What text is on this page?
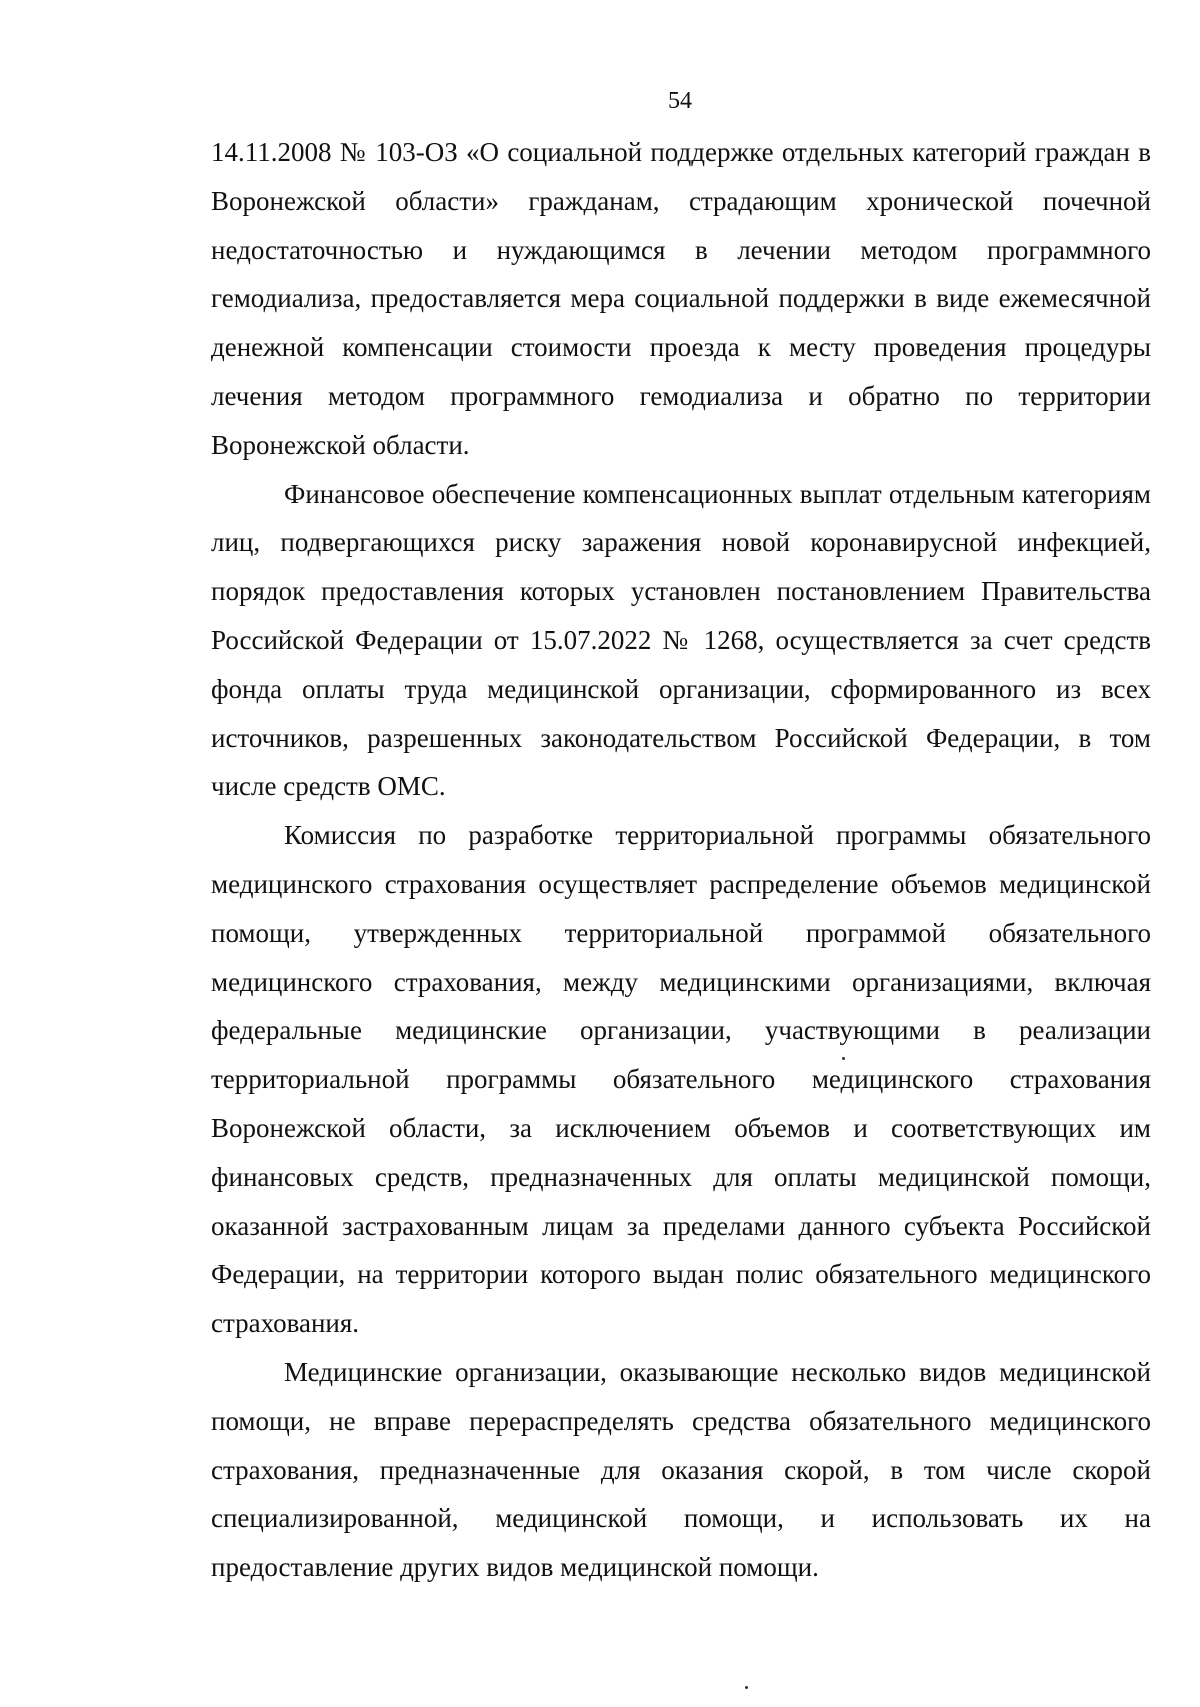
54

14.11.2008 № 103-ОЗ «О социальной поддержке отдельных категорий граждан в Воронежской области» гражданам, страдающим хронической почечной недостаточностью и нуждающимся в лечении методом программного гемодиализа, предоставляется мера социальной поддержки в виде ежемесячной денежной компенсации стоимости проезда к месту проведения процедуры лечения методом программного гемодиализа и обратно по территории Воронежской области.

Финансовое обеспечение компенсационных выплат отдельным категориям лиц, подвергающихся риску заражения новой коронавирусной инфекцией, порядок предоставления которых установлен постановлением Правительства Российской Федерации от 15.07.2022 № 1268, осуществляется за счет средств фонда оплаты труда медицинской организации, сформированного из всех источников, разрешенных законодательством Российской Федерации, в том числе средств ОМС.

Комиссия по разработке территориальной программы обязательного медицинского страхования осуществляет распределение объемов медицинской помощи, утвержденных территориальной программой обязательного медицинского страхования, между медицинскими организациями, включая федеральные медицинские организации, участвующими в реализации территориальной программы обязательного медицинского страхования Воронежской области, за исключением объемов и соответствующих им финансовых средств, предназначенных для оплаты медицинской помощи, оказанной застрахованным лицам за пределами данного субъекта Российской Федерации, на территории которого выдан полис обязательного медицинского страхования.

Медицинские организации, оказывающие несколько видов медицинской помощи, не вправе перераспределять средства обязательного медицинского страхования, предназначенные для оказания скорой, в том числе скорой специализированной, медицинской помощи, и использовать их на предоставление других видов медицинской помощи.
